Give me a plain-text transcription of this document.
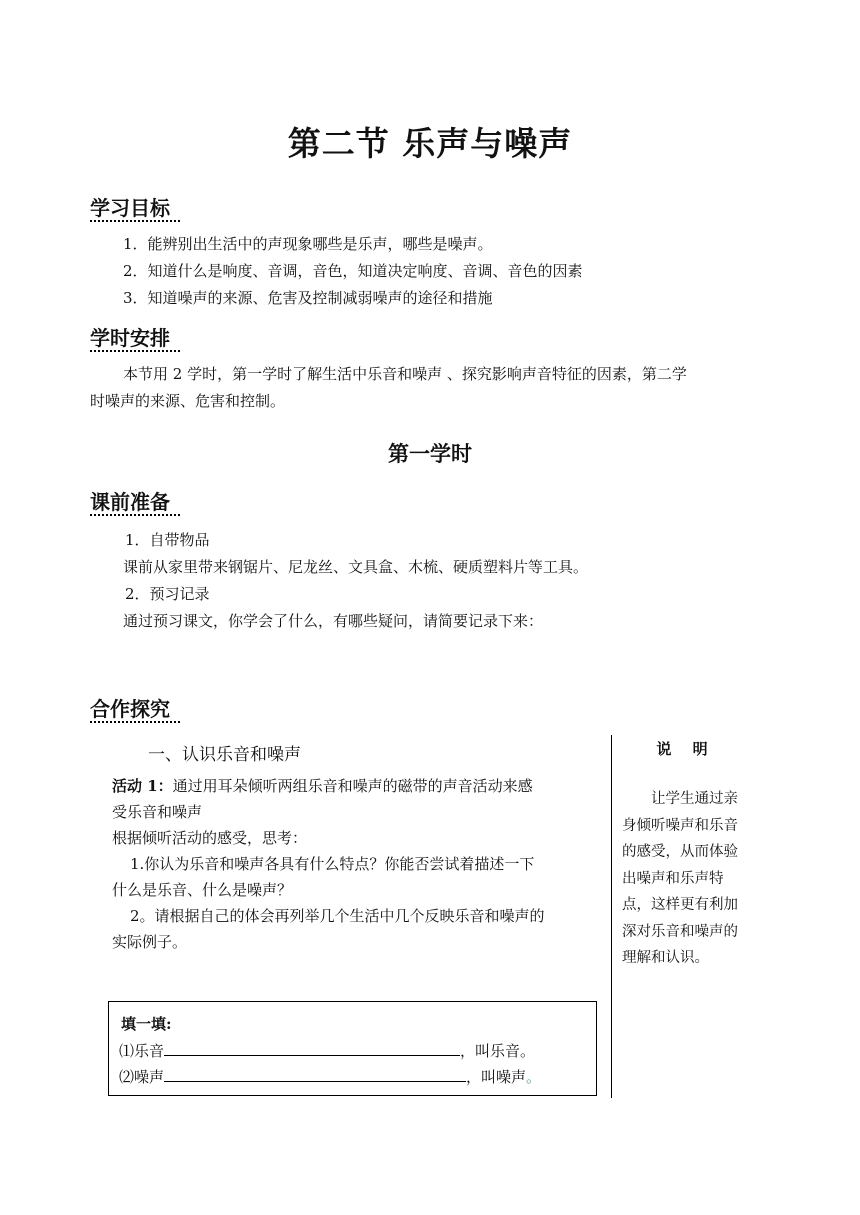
第二节 乐声与噪声
学习目标
1．能辨别出生活中的声现象哪些是乐声，哪些是噪声。
2．知道什么是响度、音调，音色，知道决定响度、音调、音色的因素
3．知道噪声的来源、危害及控制减弱噪声的途径和措施
学时安排
本节用 2 学时，第一学时了解生活中乐音和噪声 、探究影响声音特征的因素，第二学
时噪声的来源、危害和控制。
第一学时
课前准备
1．自带物品
课前从家里带来钢锯片、尼龙丝、文具盒、木梳、硬质塑料片等工具。
2．预习记录
通过预习课文，你学会了什么，有哪些疑问，请简要记录下来：
合作探究
一、认识乐音和噪声
活动 1：通过用耳朵倾听两组乐音和噪声的磁带的声音活动来感
受乐音和噪声
根据倾听活动的感受，思考：
1.你认为乐音和噪声各具有什么特点？你能否尝试着描述一下
什么是乐音、什么是噪声？
2。请根据自己的体会再列举几个生活中几个反映乐音和噪声的
实际例子。
说 明
让学生通过亲身倾听噪声和乐音的感受，从而体验出噪声和乐声特点，这样更有利加深对乐音和噪声的理解和认识。
填一填:
⑴乐音	，叫乐音。
⑵噪声	，叫噪声。
